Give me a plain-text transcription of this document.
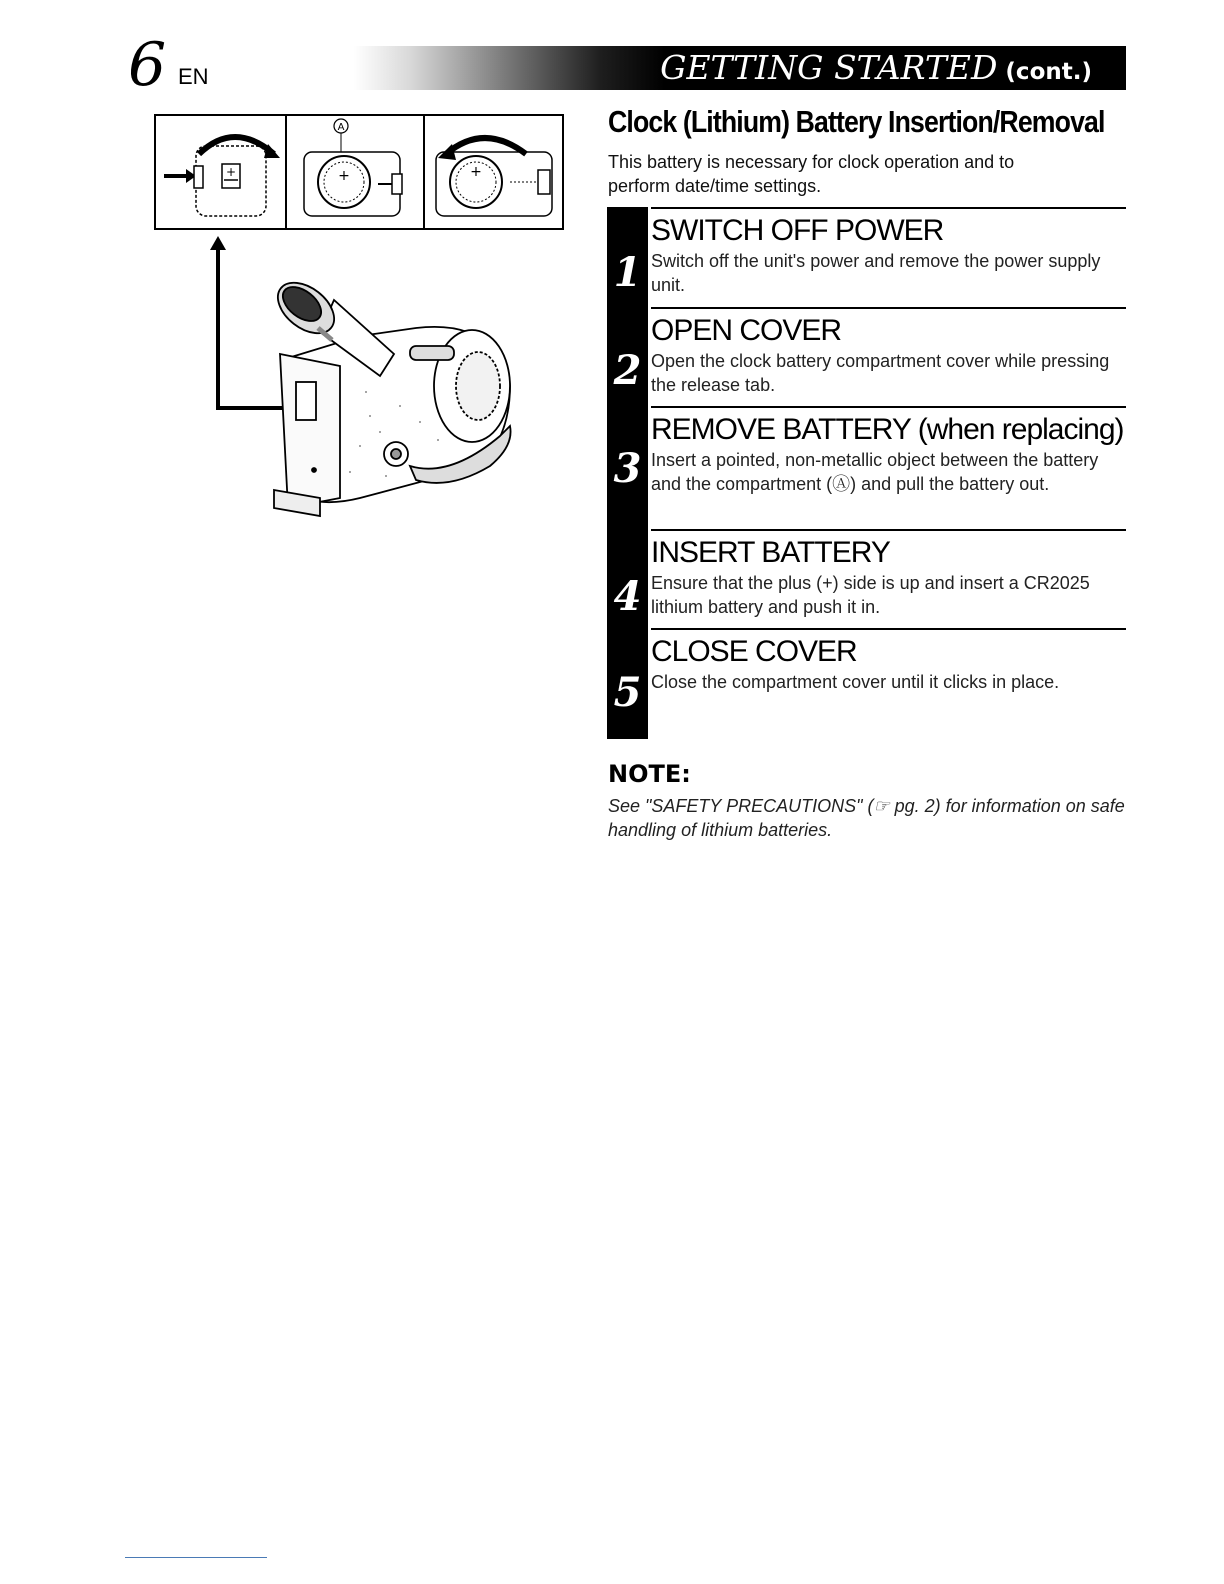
6 EN	GETTING STARTED (cont.)
+
A
+	+
Clock (Lithium) Battery Insertion/Removal
This battery is necessary for clock operation and to perform date/time settings.
1
2
3
4
5
SWITCH OFF POWER
Switch off the unit's power and remove the power supply unit.
OPEN COVER
Open the clock battery compartment cover while pressing the release tab.
REMOVE BATTERY (when replacing)
Insert a pointed, non-metallic object between the battery and the compartment (Ⓐ) and pull the battery out.
INSERT BATTERY
Ensure that the plus (+) side is up and insert a CR2025 lithium battery and push it in.
CLOSE COVER
Close the compartment cover until it clicks in place.
NOTE:
See "SAFETY PRECAUTIONS" (☞ pg. 2) for information on safe handling of lithium batteries.
